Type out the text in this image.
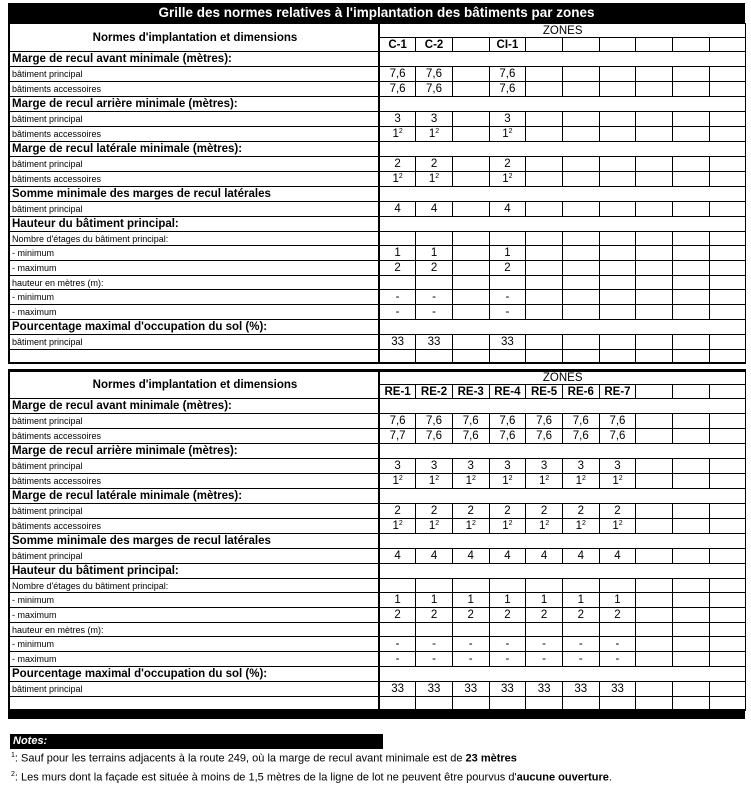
Grille des normes relatives à l'implantation des bâtiments par zones
Normes d'implantation et dimensions	ZONES									
	C-1	C-2		CI-1						
Marge de recul avant minimale (mètres):										
bâtiment principal	7,6	7,6		7,6						
bâtiments accessoires	7,6	7,6		7,6						
Marge de recul arrière minimale (mètres):										
bâtiment principal	3	3		3						
bâtiments accessoires	$1^2$	$1^2$		$1^2$						
Marge de recul latérale minimale (mètres):										
bâtiment principal	2	2		2						
bâtiments accessoires	$1^2$	$1^2$		$1^2$						
Somme minimale des marges de recul latérales										
bâtiment principal	4	4		4						
Hauteur du bâtiment principal:										
Nombre d'étages du bâtiment principal:										
- minimum	1	1		1						
- maximum	2	2		2						
hauteur en mètres (m):										
- minimum	-	-		-						
- maximum	-	-		-						
Pourcentage maximal d'occupation du sol (%):										
bâtiment principal	33	33		33						

Normes d'implantation et dimensions	ZONES									
	RE-1	RE-2	RE-3	RE-4	RE-5	RE-6	RE-7			
Marge de recul avant minimale (mètres):										
bâtiment principal	7,6	7,6	7,6	7,6	7,6	7,6	7,6			
bâtiments accessoires	7,7	7,6	7,6	7,6	7,6	7,6	7,6			
Marge de recul arrière minimale (mètres):										
bâtiment principal	3	3	3	3	3	3	3			
bâtiments accessoires	$1^2$	$1^2$	$1^2$	$1^2$	$1^2$	$1^2$	$1^2$			
Marge de recul latérale minimale (mètres):										
bâtiment principal	2	2	2	2	2	2	2			
bâtiments accessoires	$1^2$	$1^2$	$1^2$	$1^2$	$1^2$	$1^2$	$1^2$			
Somme minimale des marges de recul latérales										
bâtiment principal	4	4	4	4	4	4	4			
Hauteur du bâtiment principal:										
Nombre d'étages du bâtiment principal:										
- minimum	1	1	1	1	1	1	1			
- maximum	2	2	2	2	2	2	2			
hauteur en mètres (m):										
- minimum	-	-	-	-	-	-	-			
- maximum	-	-	-	-	-	-	-			
Pourcentage maximal d'occupation du sol (%):										
bâtiment principal	33	33	33	33	33	33	33			

Notes:
$^1$: Sauf pour les terrains adjacents à la route 249, où la marge de recul avant minimale est de 23 mètres
$^2$: Les murs dont la façade est située à moins de 1,5 mètres de la ligne de lot ne peuvent être pourvus d'aucune ouverture.
